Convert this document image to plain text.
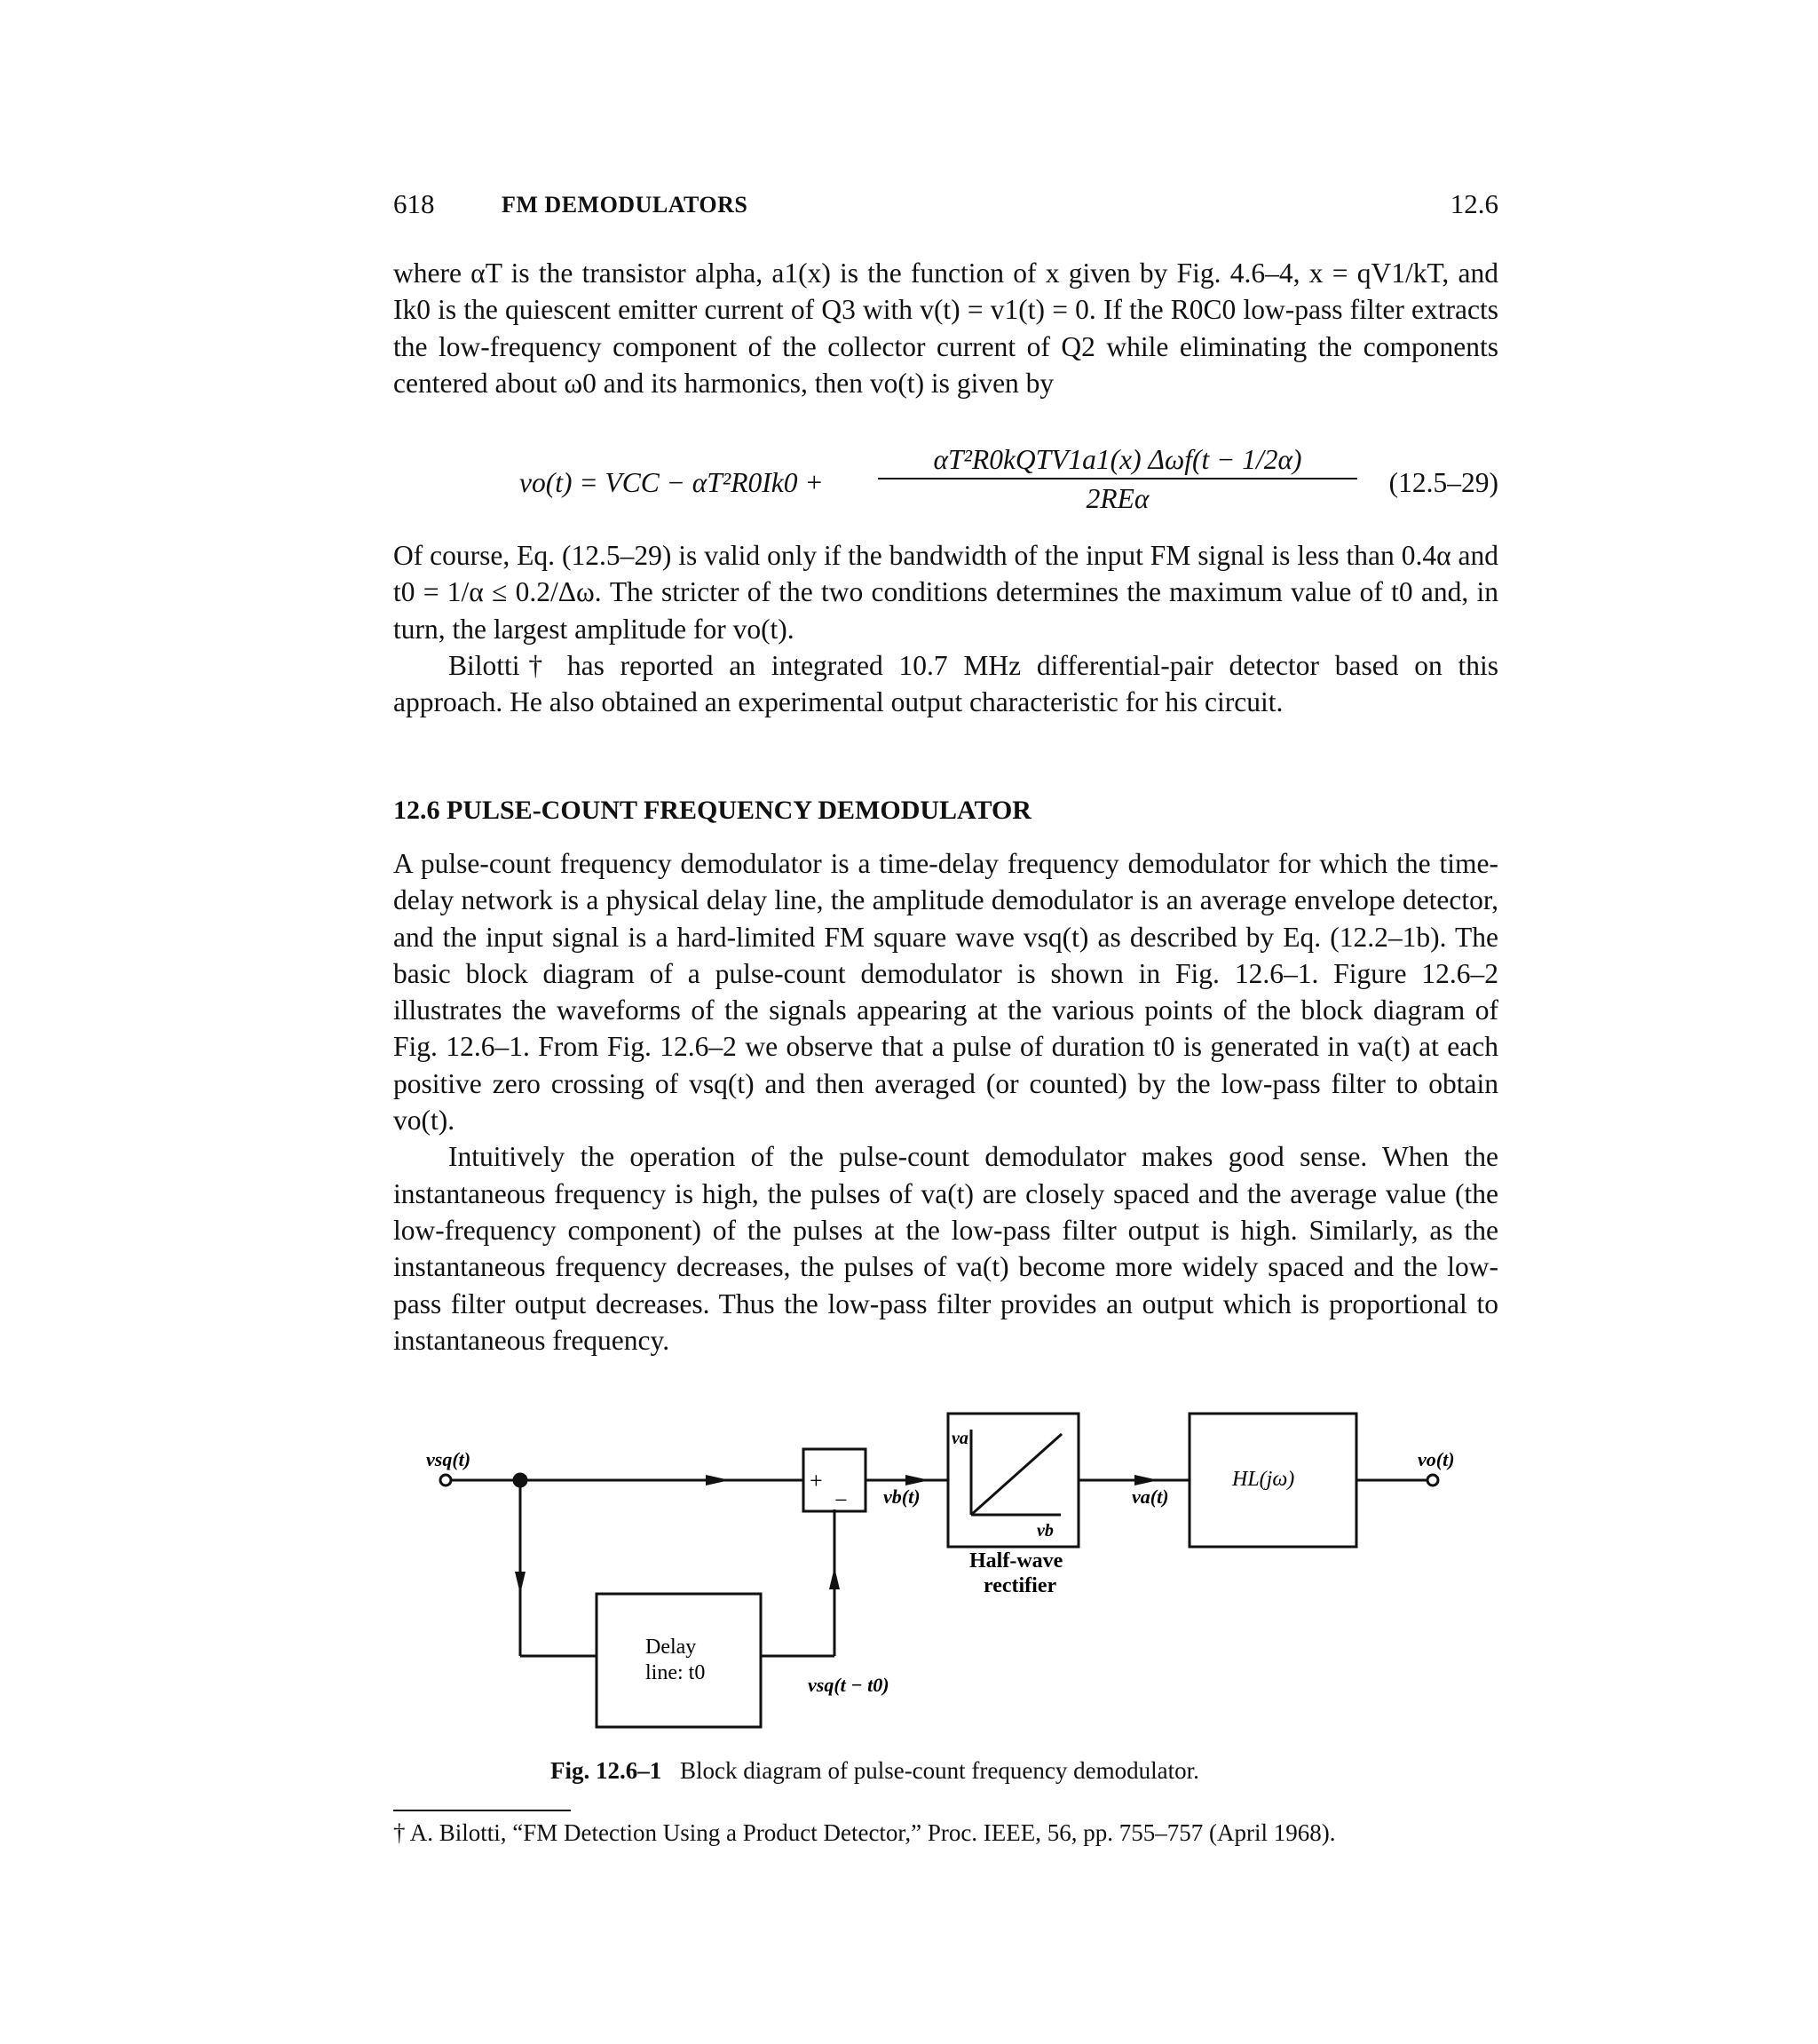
618	FM DEMODULATORS	12.6

where αT is the transistor alpha, a1(x) is the function of x given by Fig. 4.6–4, x = qV1/kT, and Ik0 is the quiescent emitter current of Q3 with v(t) = v1(t) = 0. If the R0C0 low-pass filter extracts the low-frequency component of the collector current of Q2 while eliminating the components centered about ω0 and its harmonics, then vo(t) is given by

vo(t) = VCC − αT²R0Ik0 +
αT²R0kQTV1a1(x) Δωf(t − 1/2α)
2REα
(12.5–29)

Of course, Eq. (12.5–29) is valid only if the bandwidth of the input FM signal is less than 0.4α and t0 = 1/α ≤ 0.2/Δω. The stricter of the two conditions determines the maximum value of t0 and, in turn, the largest amplitude for vo(t).

Bilotti† has reported an integrated 10.7 MHz differential-pair detector based on this approach. He also obtained an experimental output characteristic for his circuit.

12.6 PULSE-COUNT FREQUENCY DEMODULATOR

A pulse-count frequency demodulator is a time-delay frequency demodulator for which the time-delay network is a physical delay line, the amplitude demodulator is an average envelope detector, and the input signal is a hard-limited FM square wave vsq(t) as described by Eq. (12.2–1b). The basic block diagram of a pulse-count demodulator is shown in Fig. 12.6–1. Figure 12.6–2 illustrates the waveforms of the signals appearing at the various points of the block diagram of Fig. 12.6–1. From Fig. 12.6–2 we observe that a pulse of duration t0 is generated in va(t) at each positive zero crossing of vsq(t) and then averaged (or counted) by the low-pass filter to obtain vo(t).

Intuitively the operation of the pulse-count demodulator makes good sense. When the instantaneous frequency is high, the pulses of va(t) are closely spaced and the average value (the low-frequency component) of the pulses at the low-pass filter output is high. Similarly, as the instantaneous frequency decreases, the pulses of va(t) become more widely spaced and the low-pass filter output decreases. Thus the low-pass filter provides an output which is proportional to instantaneous frequency.

vsq(t)
+
− vb(t)
va
vb
Half-wave
rectifier
va(t)
HL(jω)
vo(t)
Delay
line: t0
vsq(t − t0)
Fig. 12.6–1 Block diagram of pulse-count frequency demodulator.
† A. Bilotti, “FM Detection Using a Product Detector,” Proc. IEEE, 56, pp. 755–757 (April 1968).
